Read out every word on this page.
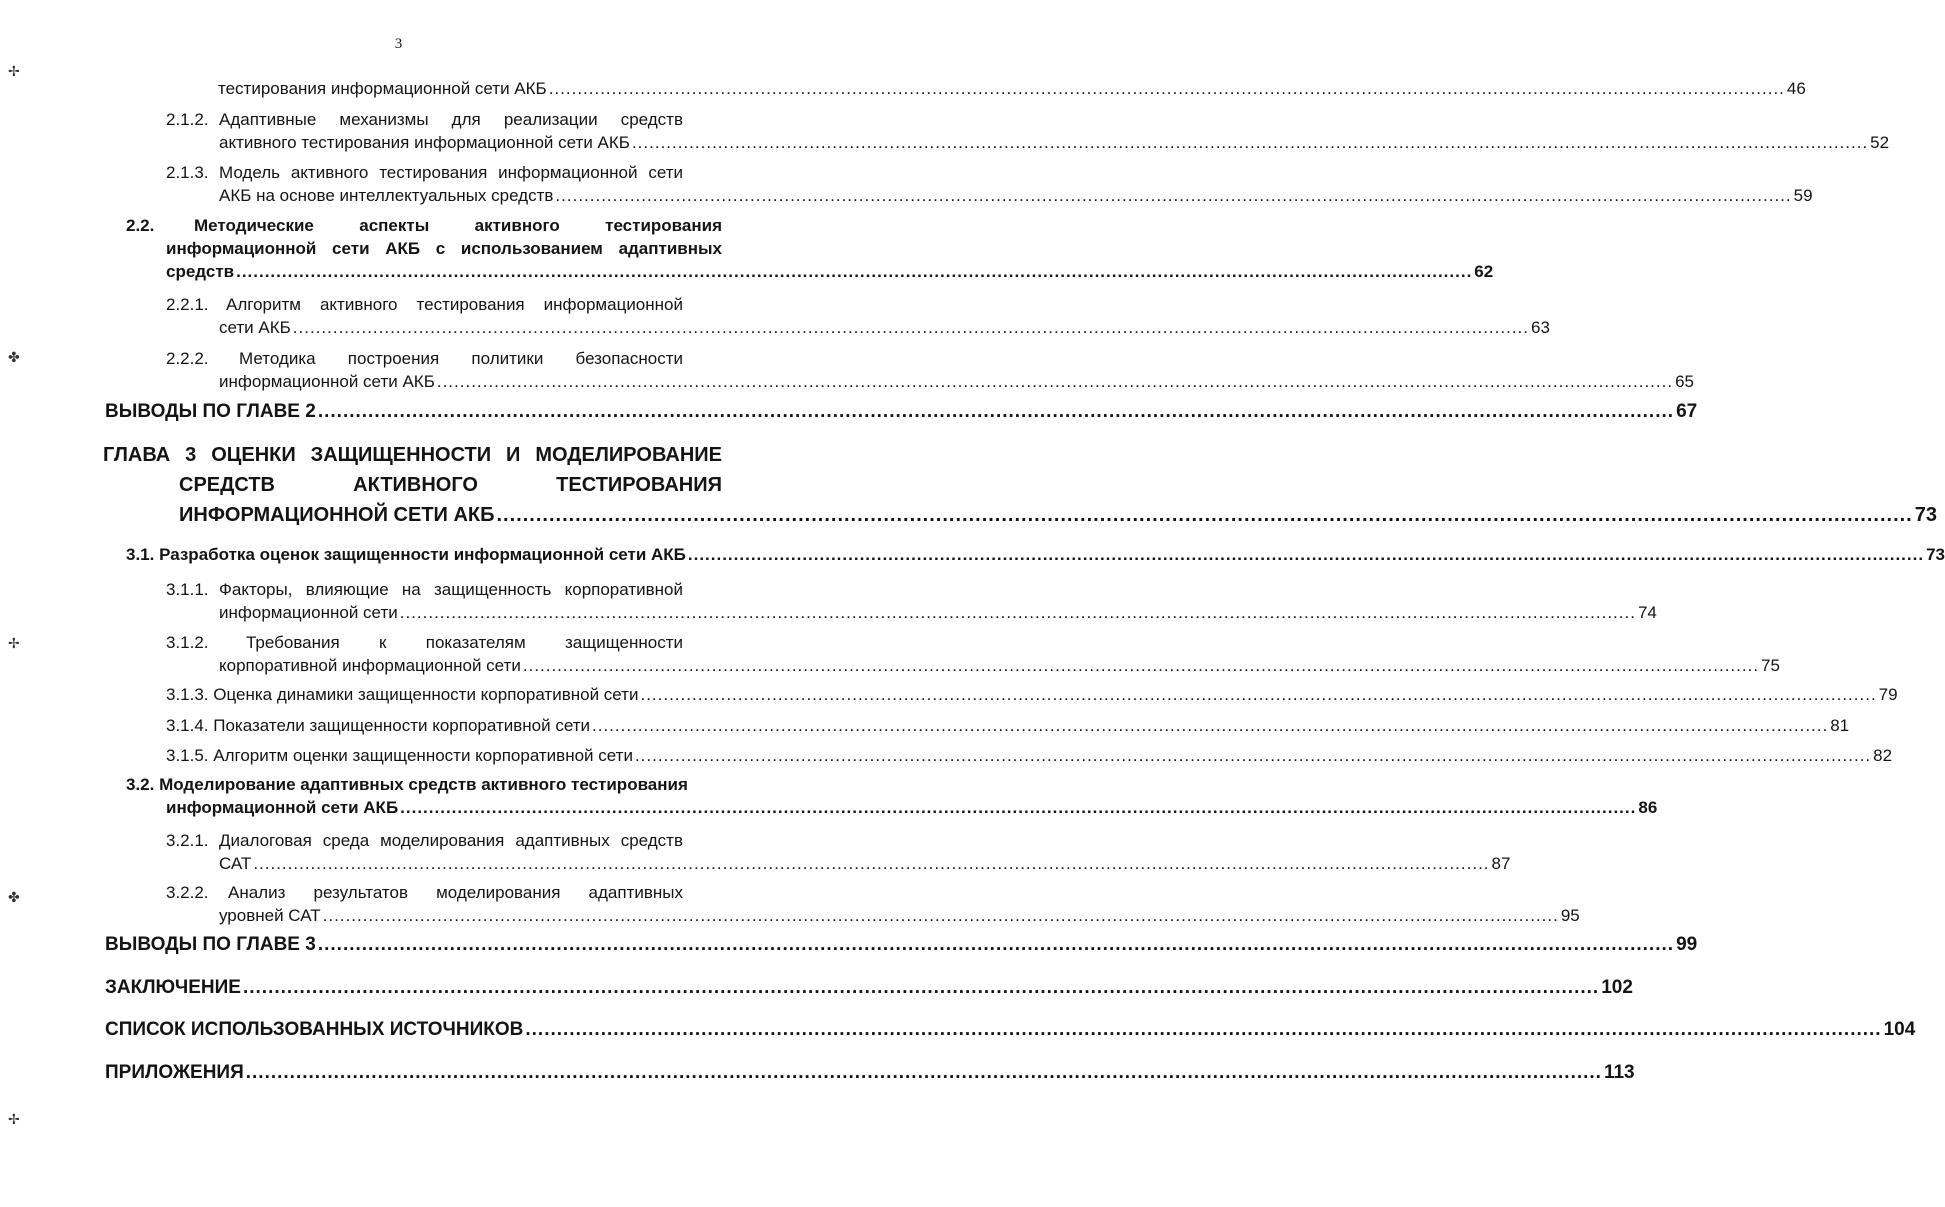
3
✢
✤
✢
✤
✢
тестирования информационной сети АКБ .....	46
2.1.2. Адаптивные механизмы для реализации средств
активного тестирования информационной сети АКБ .....	52
2.1.3. Модель активного тестирования информационной сети
АКБ на основе интеллектуальных средств .....	59
2.2. Методические аспекты активного тестирования
информационной сети АКБ с использованием адаптивных
средств .....	62
2.2.1. Алгоритм активного тестирования информационной
сети АКБ .....	63
2.2.2. Методика построения политики безопасности
информационной сети АКБ .....	65
ВЫВОДЫ ПО ГЛАВЕ 2 .....	67
ГЛАВА 3 ОЦЕНКИ ЗАЩИЩЕННОСТИ И МОДЕЛИРОВАНИЕ
СРЕДСТВ АКТИВНОГО ТЕСТИРОВАНИЯ
ИНФОРМАЦИОННОЙ СЕТИ АКБ .....	73
3.1. Разработка оценок защищенности информационной сети АКБ .....	73
3.1.1. Факторы, влияющие на защищенность корпоративной
информационной сети .....	74
3.1.2. Требования к показателям защищенности
корпоративной информационной сети .....	75
3.1.3. Оценка динамики защищенности корпоративной сети .....	79
3.1.4. Показатели защищенности корпоративной сети .....	81
3.1.5. Алгоритм оценки защищенности корпоративной сети .....	82
3.2. Моделирование адаптивных средств активного тестирования
информационной сети АКБ .....	86
3.2.1. Диалоговая среда моделирования адаптивных средств
САТ .....	87
3.2.2. Анализ результатов моделирования адаптивных
уровней САТ .....	95
ВЫВОДЫ ПО ГЛАВЕ 3 .....	99
ЗАКЛЮЧЕНИЕ .....	102
СПИСОК ИСПОЛЬЗОВАННЫХ ИСТОЧНИКОВ .....	104
ПРИЛОЖЕНИЯ .....	113
